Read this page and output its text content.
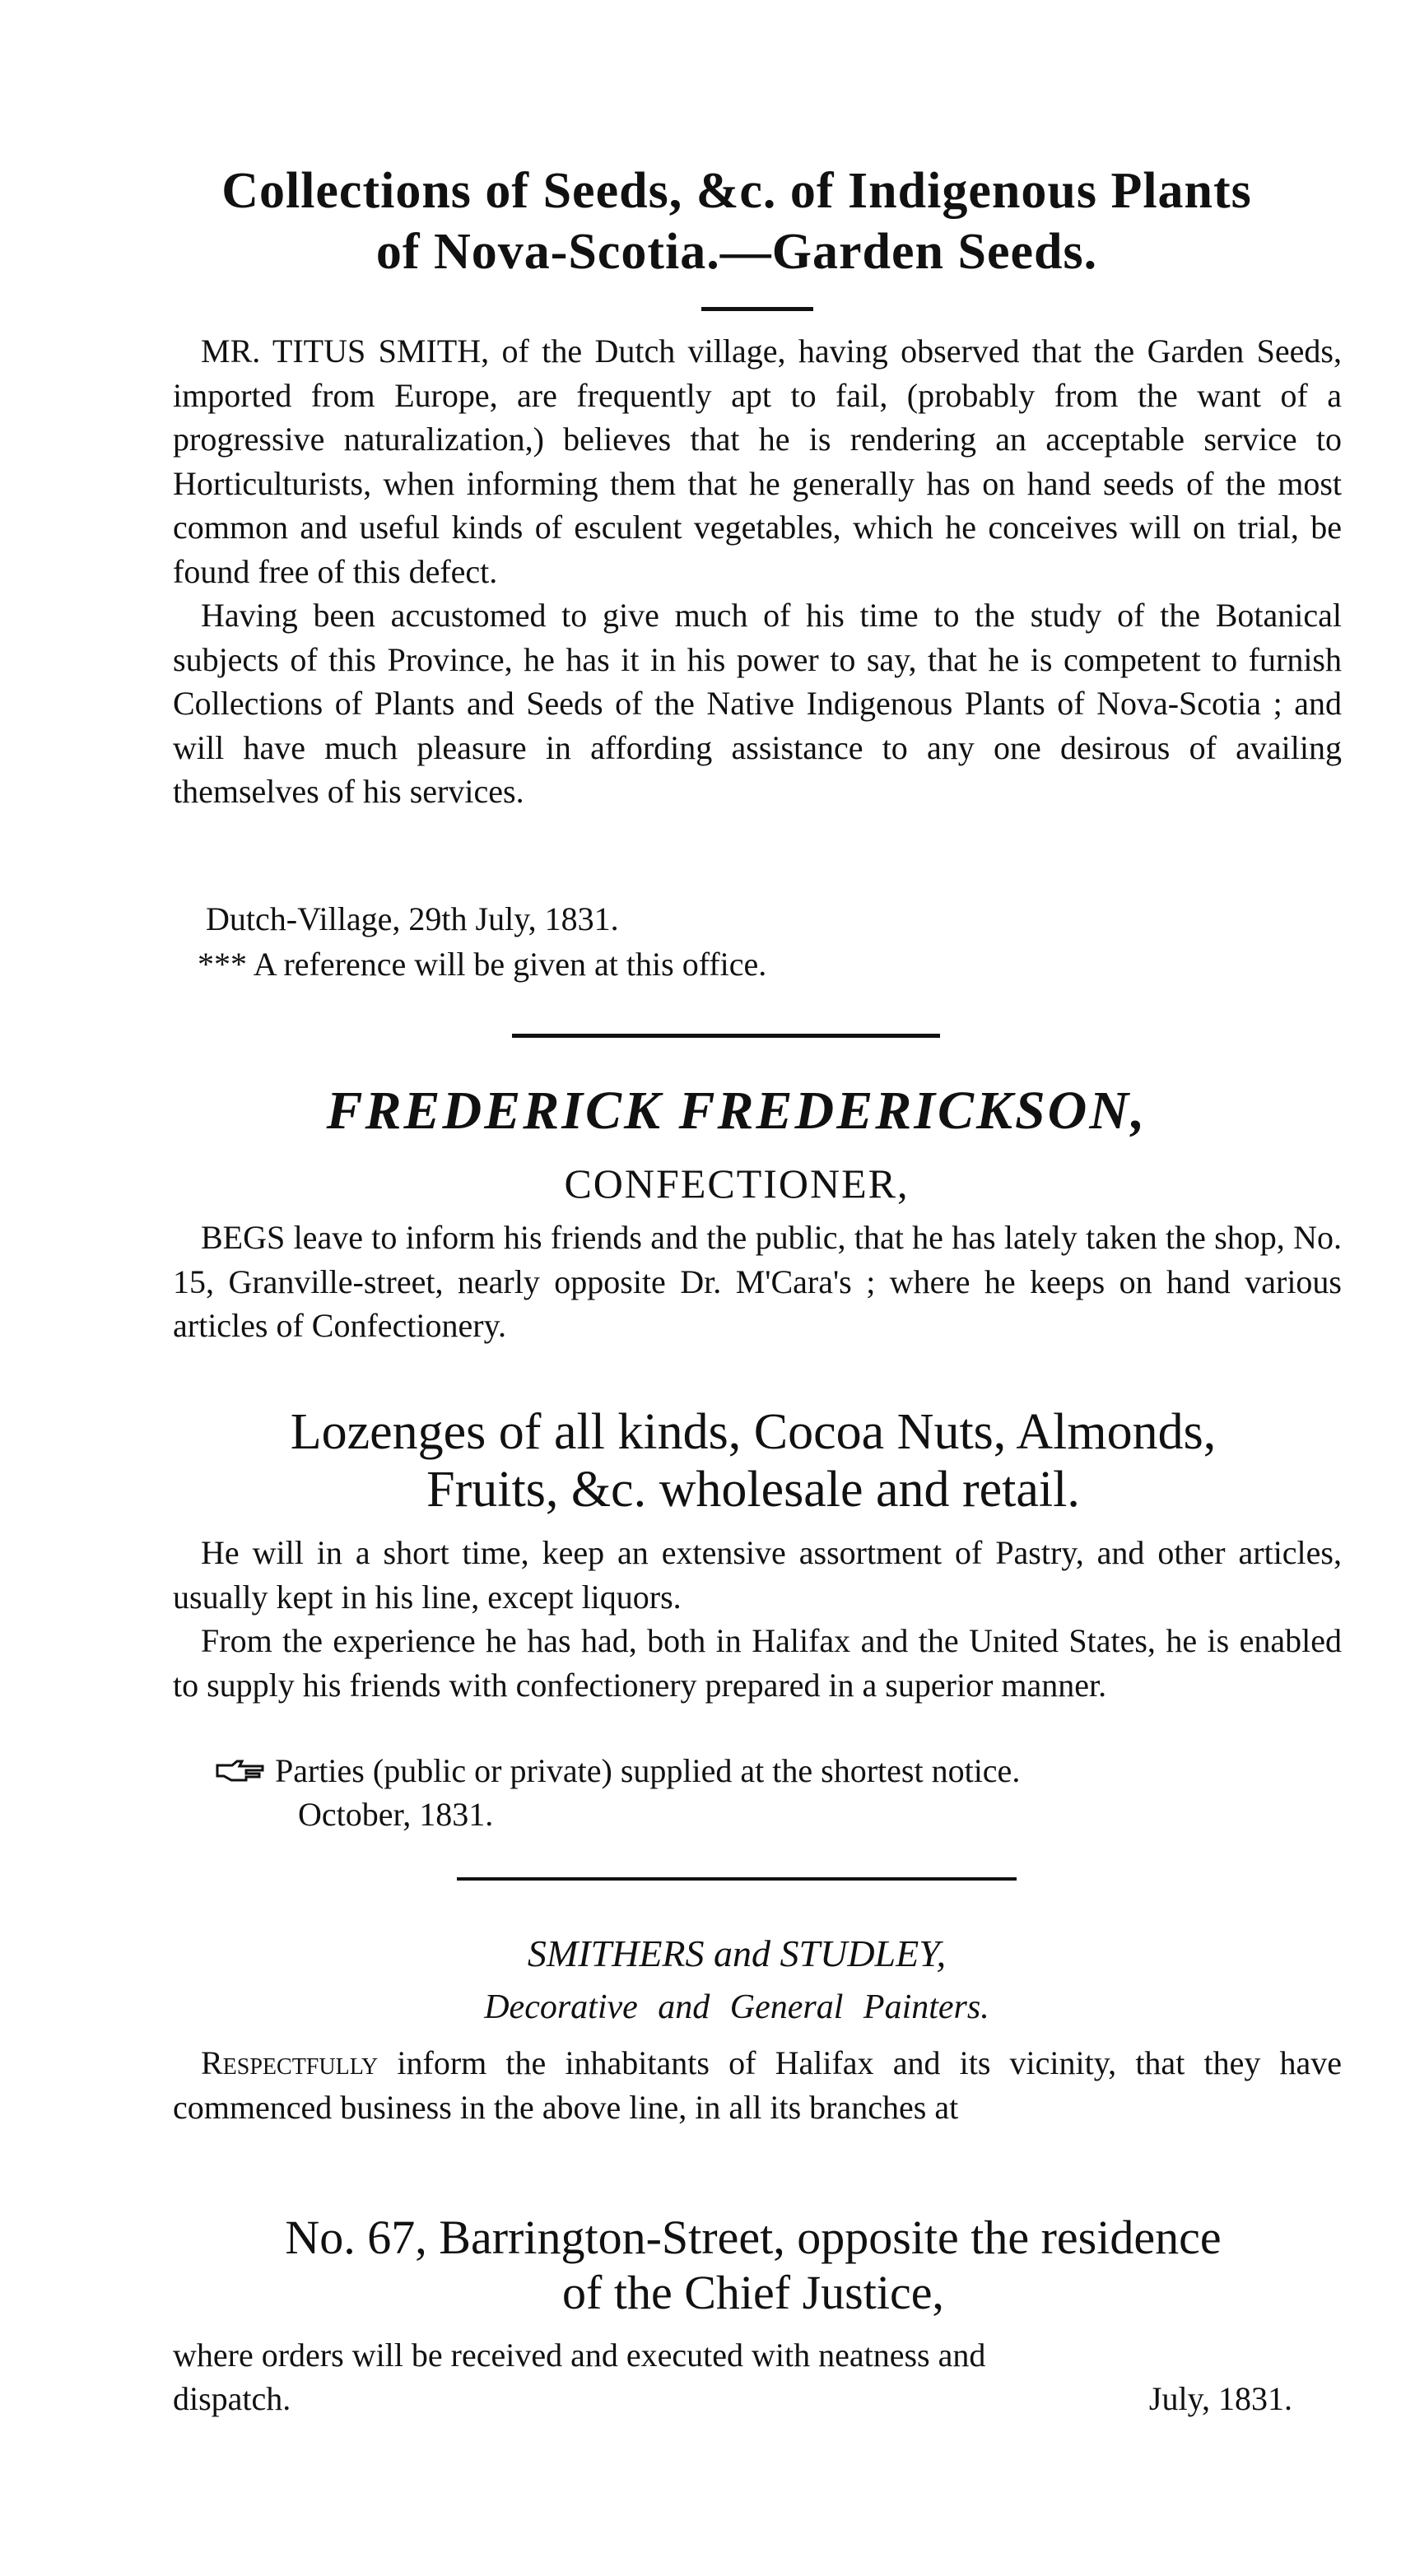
Collections of Seeds, &c. of Indigenous Plants
of Nova-Scotia.—Garden Seeds.

MR. TITUS SMITH, of the Dutch village, having observed that the Garden Seeds, imported from Europe, are frequently apt to fail, (probably from the want of a progressive naturalization,) believes that he is rendering an acceptable service to Horticulturists, when informing them that he generally has on hand seeds of the most common and useful kinds of esculent vegetables, which he conceives will on trial, be found free of this defect.

Having been accustomed to give much of his time to the study of the Botanical subjects of this Province, he has it in his power to say, that he is competent to furnish Collections of Plants and Seeds of the Native Indigenous Plants of Nova-Scotia ; and will have much pleasure in affording assistance to any one desirous of availing themselves of his services.

Dutch-Village, 29th July, 1831.
*** A reference will be given at this office.
FREDERICK FREDERICKSON,
CONFECTIONER,

BEGS leave to inform his friends and the public, that he has lately taken the shop, No. 15, Granville-street, nearly opposite Dr. M'Cara's ; where he keeps on hand various articles of Confectionery.

Lozenges of all kinds, Cocoa Nuts, Almonds,
Fruits, &c. wholesale and retail.

He will in a short time, keep an extensive assortment of Pastry, and other articles, usually kept in his line, except liquors.

From the experience he has had, both in Halifax and the United States, he is enabled to supply his friends with confectionery prepared in a superior manner.

Parties (public or private) supplied at the shortest notice.
October, 1831.
SMITHERS and STUDLEY,
Decorative and General Painters.

Respectfully inform the inhabitants of Halifax and its vicinity, that they have commenced business in the above line, in all its branches at

No. 67, Barrington-Street, opposite the residence
of the Chief Justice,
where orders will be received and executed with neatness and
dispatch.	July, 1831.
